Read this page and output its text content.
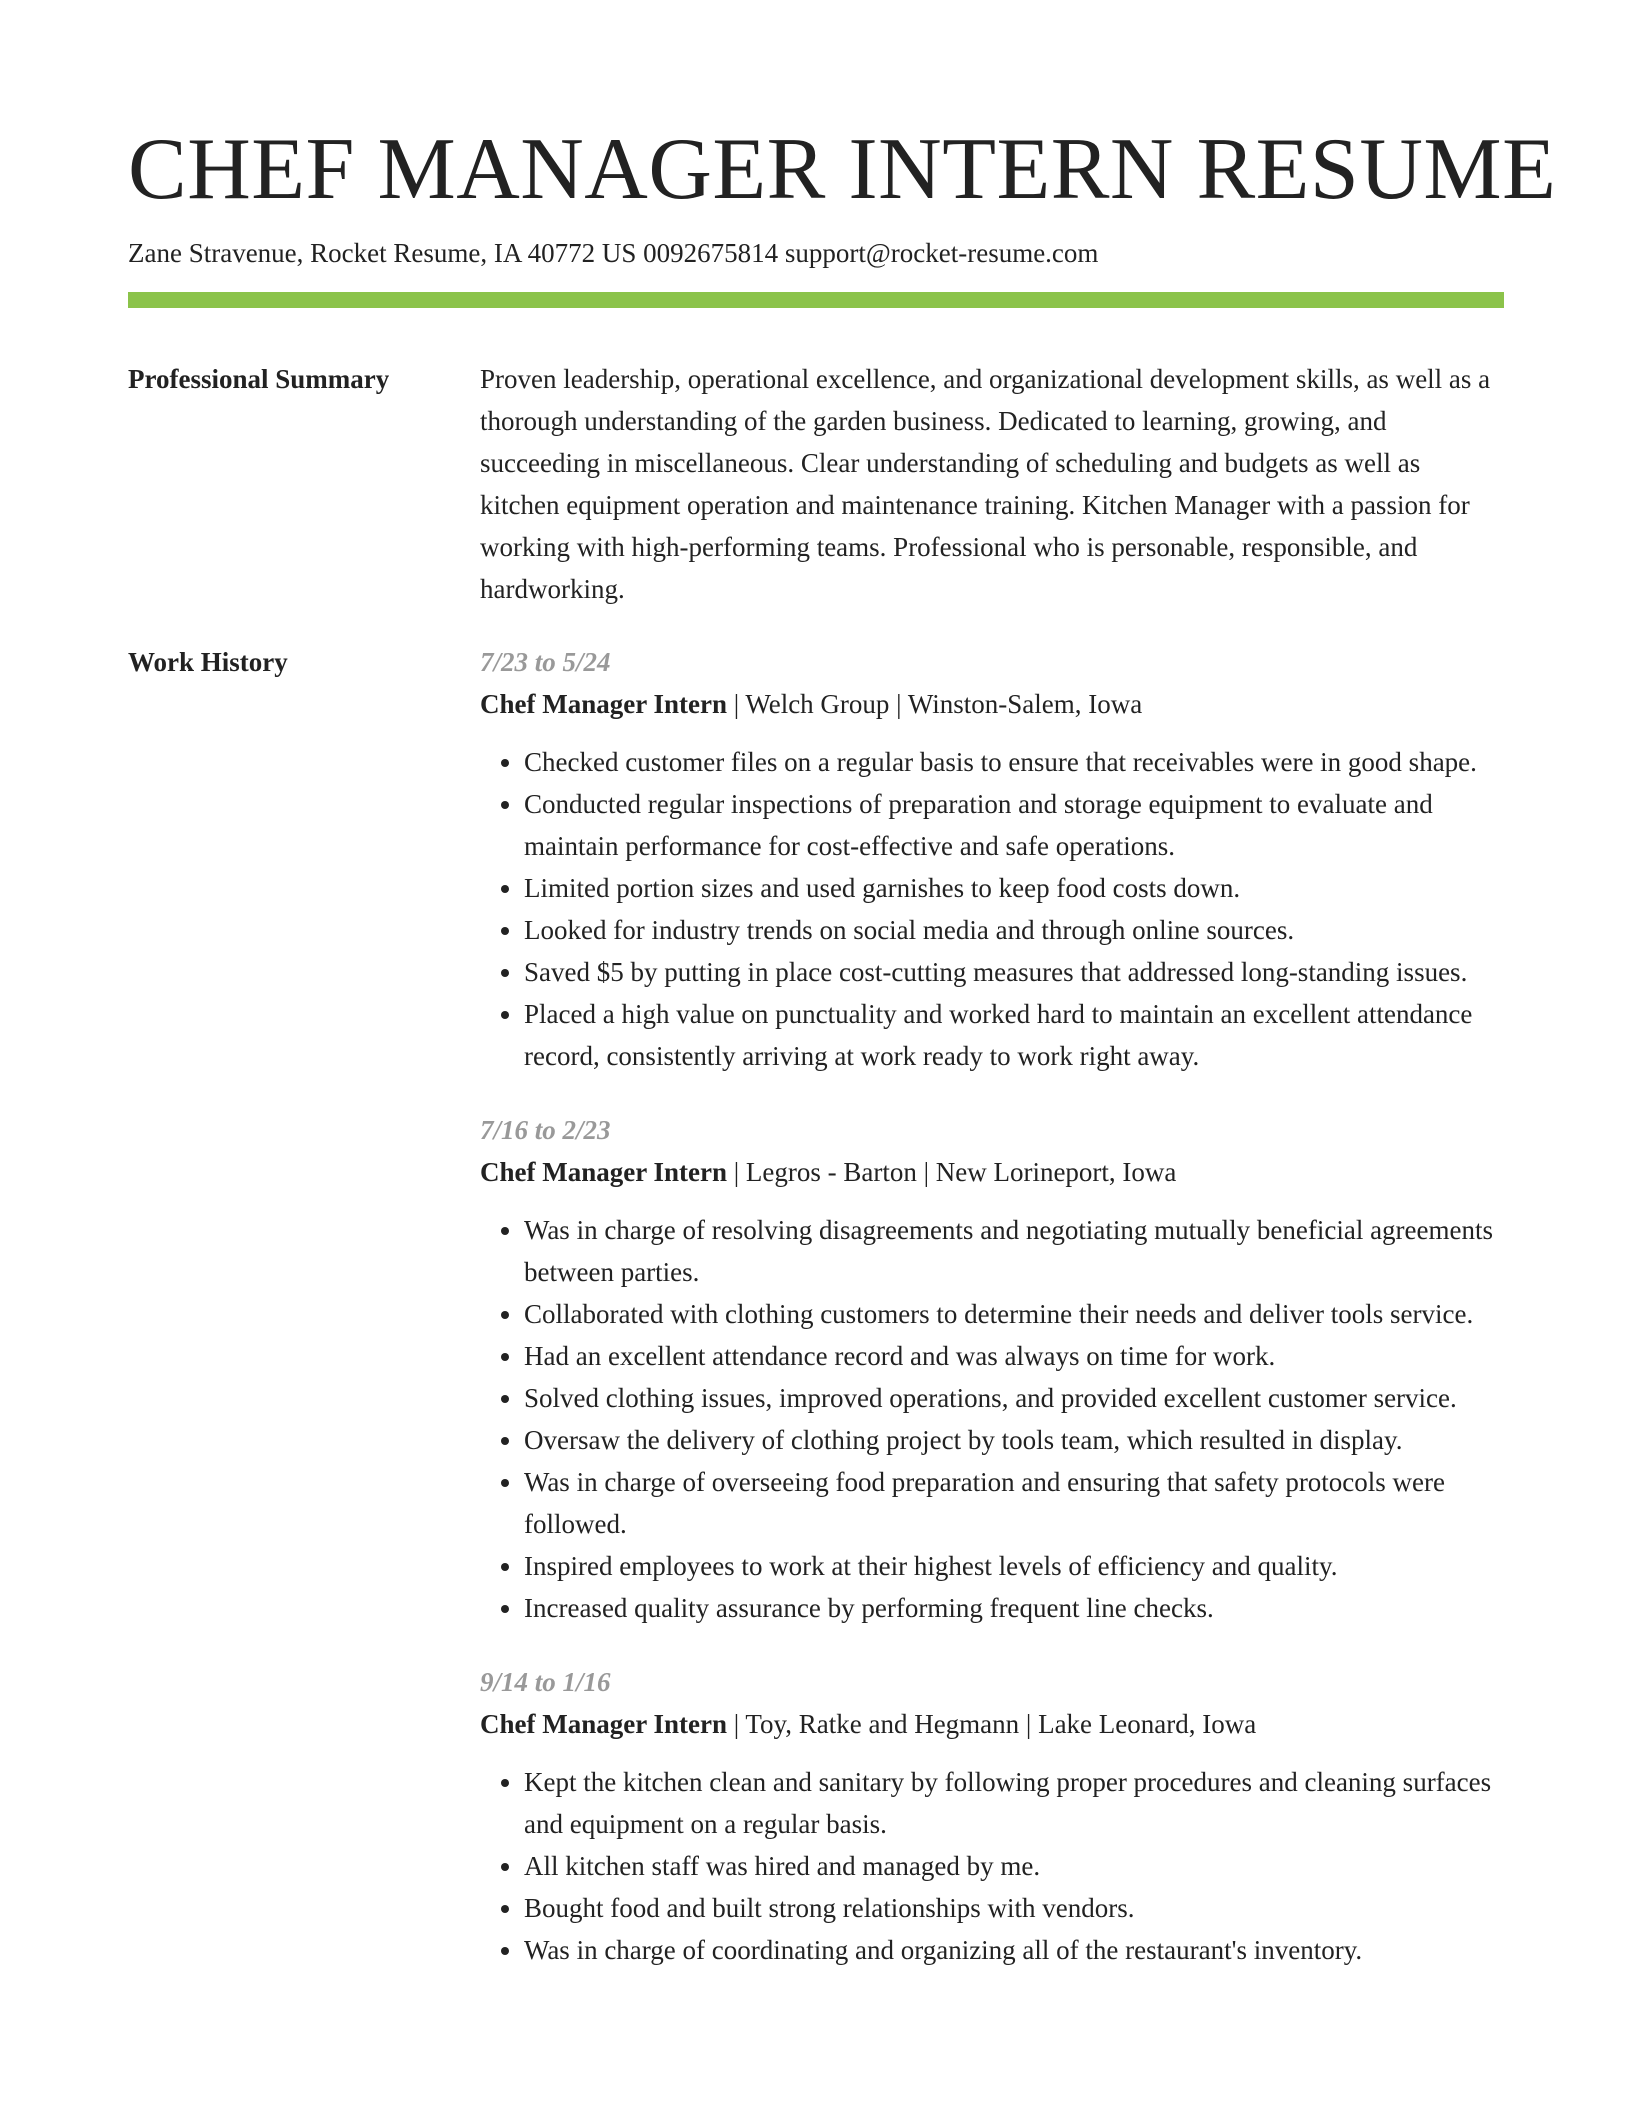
CHEF MANAGER INTERN RESUME
Zane Stravenue, Rocket Resume, IA 40772 US 0092675814 support@rocket-resume.com
Professional Summary	Proven leadership, operational excellence, and organizational development skills, as well as a thorough understanding of the garden business. Dedicated to learning, growing, and succeeding in miscellaneous. Clear understanding of scheduling and budgets as well as kitchen equipment operation and maintenance training. Kitchen Manager with a passion for working with high-performing teams. Professional who is personable, responsible, and hardworking.
Work History	7/23 to 5/24
Chef Manager Intern | Welch Group | Winston-Salem, Iowa
• Checked customer files on a regular basis to ensure that receivables were in good shape.
• Conducted regular inspections of preparation and storage equipment to evaluate and maintain performance for cost-effective and safe operations.
• Limited portion sizes and used garnishes to keep food costs down.
• Looked for industry trends on social media and through online sources.
• Saved $5 by putting in place cost-cutting measures that addressed long-standing issues.
• Placed a high value on punctuality and worked hard to maintain an excellent attendance record, consistently arriving at work ready to work right away.
7/16 to 2/23
Chef Manager Intern | Legros - Barton | New Lorineport, Iowa
• Was in charge of resolving disagreements and negotiating mutually beneficial agreements between parties.
• Collaborated with clothing customers to determine their needs and deliver tools service.
• Had an excellent attendance record and was always on time for work.
• Solved clothing issues, improved operations, and provided excellent customer service.
• Oversaw the delivery of clothing project by tools team, which resulted in display.
• Was in charge of overseeing food preparation and ensuring that safety protocols were followed.
• Inspired employees to work at their highest levels of efficiency and quality.
• Increased quality assurance by performing frequent line checks.
9/14 to 1/16
Chef Manager Intern | Toy, Ratke and Hegmann | Lake Leonard, Iowa
• Kept the kitchen clean and sanitary by following proper procedures and cleaning surfaces and equipment on a regular basis.
• All kitchen staff was hired and managed by me.
• Bought food and built strong relationships with vendors.
• Was in charge of coordinating and organizing all of the restaurant's inventory.
